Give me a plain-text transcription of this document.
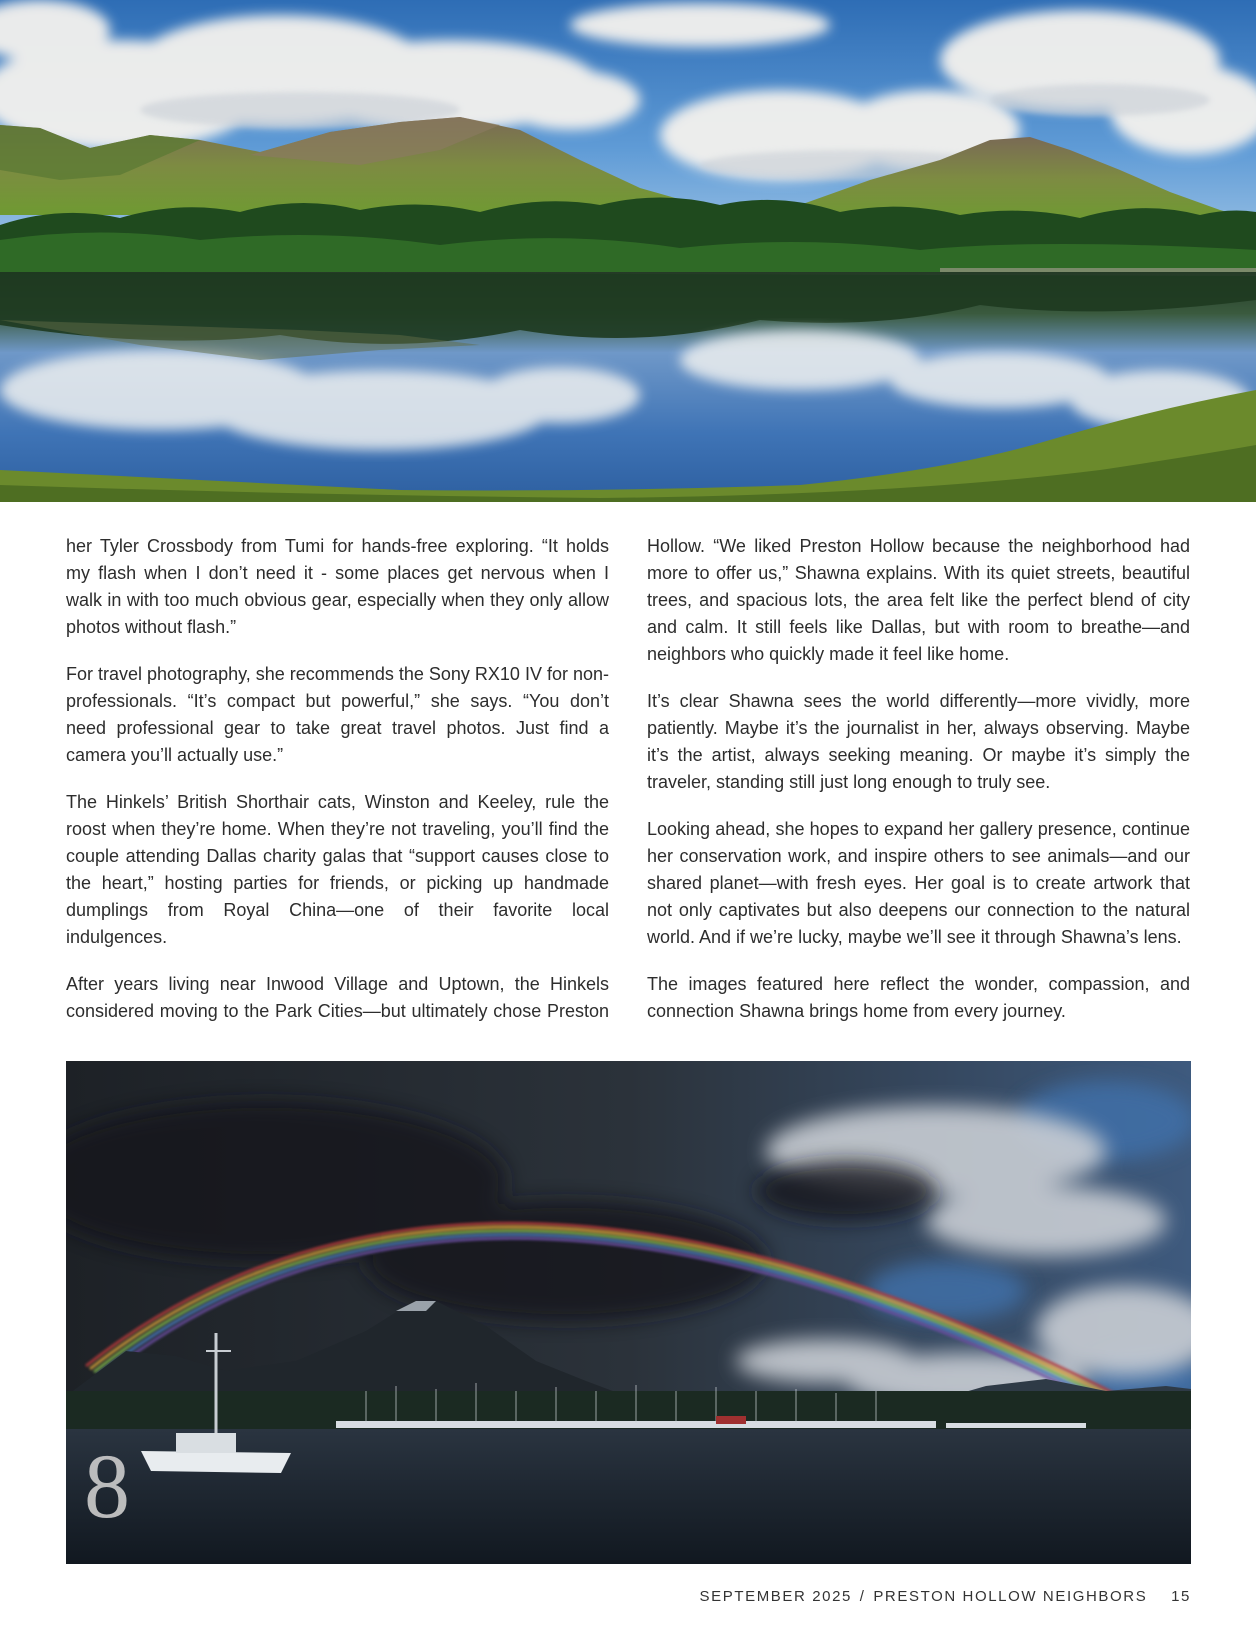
her Tyler Crossbody from Tumi for hands-free exploring. “It holds my flash when I don’t need it - some places get nervous when I walk in with too much obvious gear, especially when they only allow photos without flash.”

For travel photography, she recommends the Sony RX10 IV for non-professionals. “It’s compact but powerful,” she says. “You don’t need professional gear to take great travel photos. Just find a camera you’ll actually use.”

The Hinkels’ British Shorthair cats, Winston and Keeley, rule the roost when they’re home. When they’re not traveling, you’ll find the couple attending Dallas charity galas that “support causes close to the heart,” hosting parties for friends, or picking up handmade dumplings from Royal China—one of their favorite local indulgences.

After years living near Inwood Village and Uptown, the Hinkels considered moving to the Park Cities—but ultimately chose Preston

Hollow. “We liked Preston Hollow because the neighborhood had more to offer us,” Shawna explains. With its quiet streets, beautiful trees, and spacious lots, the area felt like the perfect blend of city and calm. It still feels like Dallas, but with room to breathe—and neighbors who quickly made it feel like home.

It’s clear Shawna sees the world differently—more vividly, more patiently. Maybe it’s the journalist in her, always observing. Maybe it’s the artist, always seeking meaning. Or maybe it’s simply the traveler, standing still just long enough to truly see.

Looking ahead, she hopes to expand her gallery presence, continue her conservation work, and inspire others to see animals—and our shared planet—with fresh eyes. Her goal is to create artwork that not only captivates but also deepens our connection to the natural world. And if we’re lucky, maybe we’ll see it through Shawna’s lens.

The images featured here reflect the wonder, compassion, and connection Shawna brings home from every journey.

8
SEPTEMBER 2025 / PRESTON HOLLOW NEIGHBORS 15
